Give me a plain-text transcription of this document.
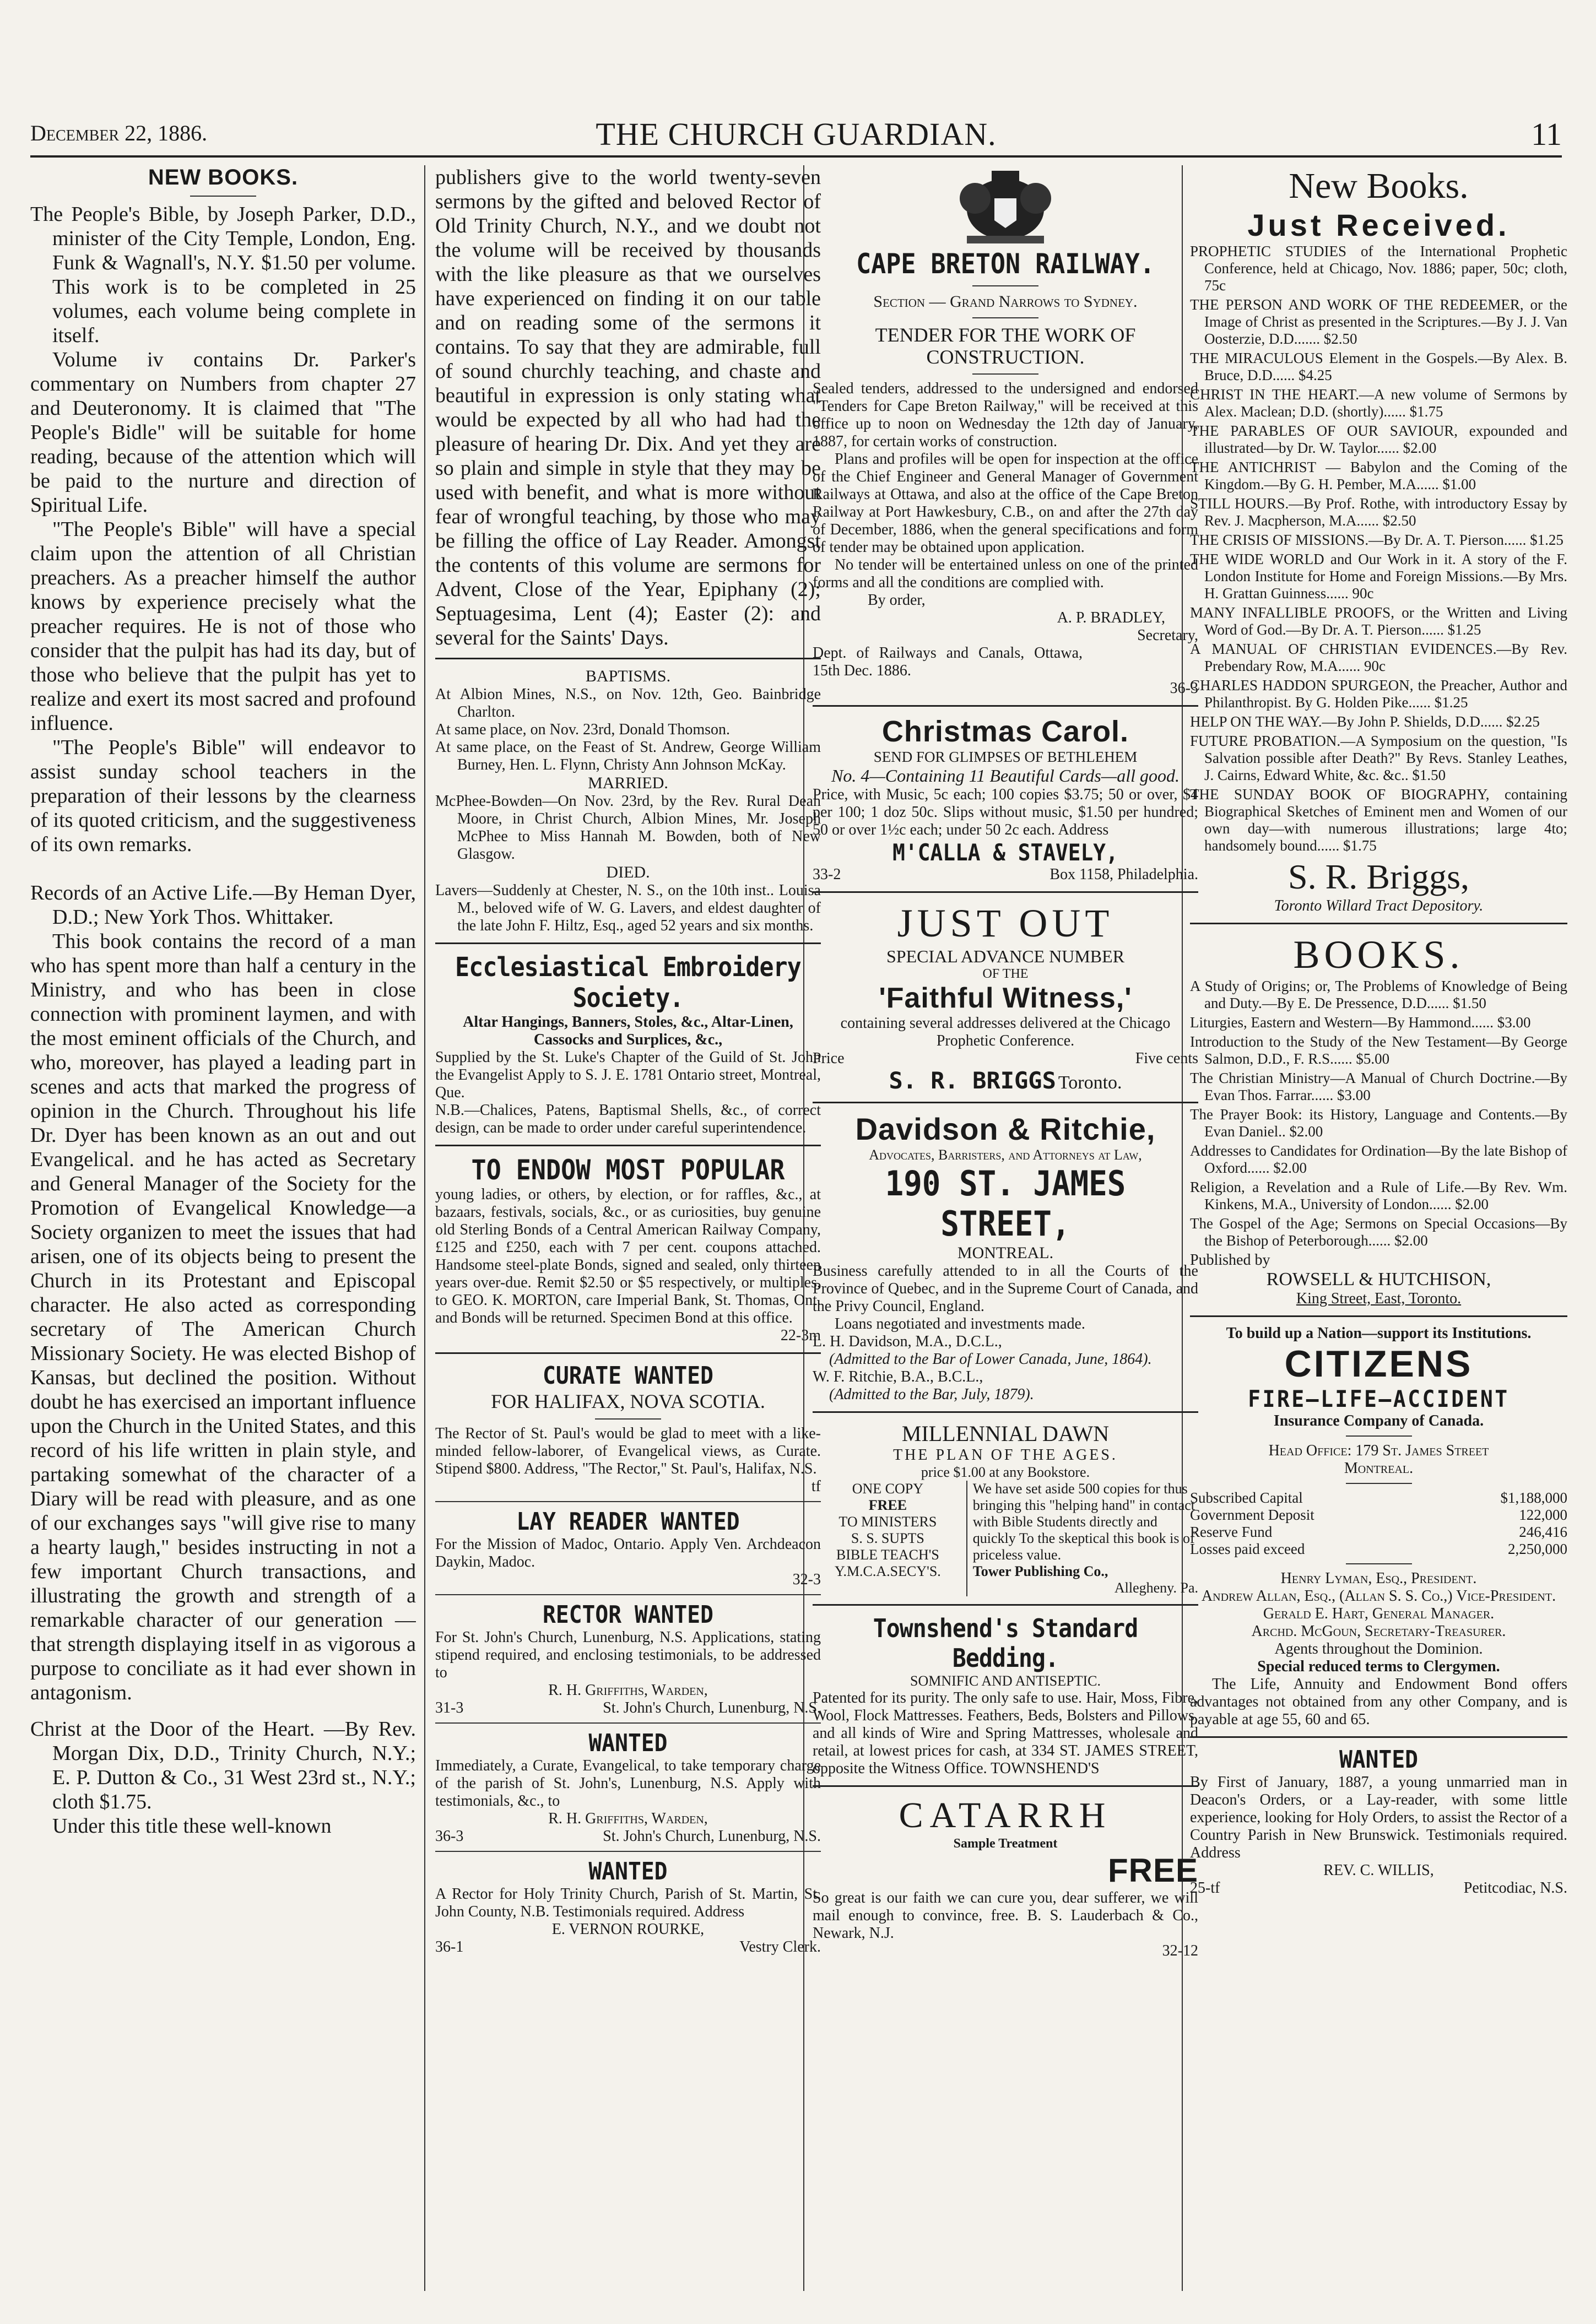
December 22, 1886.	THE CHURCH GUARDIAN.	11
NEW BOOKS.

The People's Bible, by Joseph Parker, D.D., minister of the City Temple, London, Eng. Funk & Wagnall's, N.Y. $1.50 per volume. This work is to be completed in 25 volumes, each volume being complete in itself.

Volume iv contains Dr. Parker's commentary on Numbers from chapter 27 and Deuteronomy. It is claimed that "The People's Bidle" will be suitable for home reading, because of the attention which will be paid to the nurture and direction of Spiritual Life.

"The People's Bible" will have a special claim upon the attention of all Christian preachers. As a preacher himself the author knows by experience precisely what the preacher requires. He is not of those who consider that the pulpit has had its day, but of those who believe that the pulpit has yet to realize and exert its most sacred and profound influence.

"The People's Bible" will endeavor to assist sunday school teachers in the preparation of their lessons by the clearness of its quoted criticism, and the suggestiveness of its own remarks.

Records of an Active Life.—By Heman Dyer, D.D.; New York Thos. Whittaker.

This book contains the record of a man who has spent more than half a century in the Ministry, and who has been in close connection with prominent laymen, and with the most eminent officials of the Church, and who, moreover, has played a leading part in scenes and acts that marked the progress of opinion in the Church. Throughout his life Dr. Dyer has been known as an out and out Evangelical. and he has acted as Secretary and General Manager of the Society for the Promotion of Evangelical Knowledge—a Society organizen to meet the issues that had arisen, one of its objects being to present the Church in its Protestant and Episcopal character. He also acted as corresponding secretary of The American Church Missionary Society. He was elected Bishop of Kansas, but declined the position. Without doubt he has exercised an important influence upon the Church in the United States, and this record of his life written in plain style, and partaking somewhat of the character of a Diary will be read with pleasure, and as one of our exchanges says "will give rise to many a hearty laugh," besides instructing in not a few important Church transactions, and illustrating the growth and strength of a remarkable character of our generation — that strength displaying itself in as vigorous a purpose to conciliate as it had ever shown in antagonism.

Christ at the Door of the Heart. —By Rev. Morgan Dix, D.D., Trinity Church, N.Y.; E. P. Dutton & Co., 31 West 23rd st., N.Y.; cloth $1.75.

Under this title these well-known

publishers give to the world twenty-seven sermons by the gifted and beloved Rector of Old Trinity Church, N.Y., and we doubt not the volume will be received by thousands with the like pleasure as that we ourselves have experienced on finding it on our table and on reading some of the sermons it contains. To say that they are admirable, full of sound churchly teaching, and chaste and beautiful in expression is only stating what would be expected by all who had had the pleasure of hearing Dr. Dix. And yet they are so plain and simple in style that they may be used with benefit, and what is more without fear of wrongful teaching, by those who may be filling the office of Lay Reader. Amongst the contents of this volume are sermons for Advent, Close of the Year, Epiphany (2); Septuagesima, Lent (4); Easter (2): and several for the Saints' Days.

BAPTISMS.

At Albion Mines, N.S., on Nov. 12th, Geo. Bainbridge Charlton.

At same place, on Nov. 23rd, Donald Thomson.

At same place, on the Feast of St. Andrew, George William Burney, Hen. L. Flynn, Christy Ann Johnson McKay.

MARRIED.

McPhee-Bowden—On Nov. 23rd, by the Rev. Rural Dean Moore, in Christ Church, Albion Mines, Mr. Joseph McPhee to Miss Hannah M. Bowden, both of New Glasgow.

DIED.

Lavers—Suddenly at Chester, N. S., on the 10th inst.. Louisa M., beloved wife of W. G. Lavers, and eldest daughter of the late John F. Hiltz, Esq., aged 52 years and six months.

Ecclesiastical Embroidery Society.

Altar Hangings, Banners, Stoles, &c., Altar-Linen, Cassocks and Surplices, &c.,

Supplied by the St. Luke's Chapter of the Guild of St. John the Evangelist Apply to S. J. E. 1781 Ontario street, Montreal, Que.

N.B.—Chalices, Patens, Baptismal Shells, &c., of correct design, can be made to order under careful superintendence.

TO ENDOW MOST POPULAR

young ladies, or others, by election, or for raffles, &c., at bazaars, festivals, socials, &c., or as curiosities, buy genuine old Sterling Bonds of a Central American Railway Company, £125 and £250, each with 7 per cent. coupons attached. Handsome steel-plate Bonds, signed and sealed, only thirteen years over-due. Remit $2.50 or $5 respectively, or multiples, to GEO. K. MORTON, care Imperial Bank, St. Thomas, Ont. and Bonds will be returned. Specimen Bond at this office.

22-3m

CURATE WANTED
FOR HALIFAX, NOVA SCOTIA.

The Rector of St. Paul's would be glad to meet with a like-minded fellow-laborer, of Evangelical views, as Curate. Stipend $800. Address, "The Rector," St. Paul's, Halifax, N.S.

tf

LAY READER WANTED

For the Mission of Madoc, Ontario. Apply Ven. Archdeacon Daykin, Madoc.

32-3

RECTOR WANTED

For St. John's Church, Lunenburg, N.S. Applications, stating stipend required, and enclosing testimonials, to be addressed to

R. H. Griffiths, Warden,

31-3	St. John's Church, Lunenburg, N.S.
WANTED

Immediately, a Curate, Evangelical, to take temporary charge of the parish of St. John's, Lunenburg, N.S. Apply with testimonials, &c., to

R. H. Griffiths, Warden,

36-3	St. John's Church, Lunenburg, N.S.
WANTED

A Rector for Holy Trinity Church, Parish of St. Martin, St. John County, N.B. Testimonials required. Address

E. VERNON ROURKE,

36-1	Vestry Clerk.
CAPE BRETON RAILWAY.

Section — Grand Narrows to Sydney.

TENDER FOR THE WORK OF CONSTRUCTION.

Sealed tenders, addressed to the undersigned and endorsed "Tenders for Cape Breton Railway," will be received at this office up to noon on Wednesday the 12th day of January, 1887, for certain works of construction.

Plans and profiles will be open for inspection at the office of the Chief Engineer and General Manager of Government Railways at Ottawa, and also at the office of the Cape Breton Railway at Port Hawkesbury, C.B., on and after the 27th day of December, 1886, when the general specifications and form of tender may be obtained upon application.

No tender will be entertained unless on one of the printed forms and all the conditions are complied with.

By order,

A. P. BRADLEY,

Secretary,

Dept. of Railways and Canals, Ottawa, 15th Dec. 1886.

36-3

Christmas Carol.

SEND FOR GLIMPSES OF BETHLEHEM

No. 4—Containing 11 Beautiful Cards—all good.

Price, with Music, 5c each; 100 copies $3.75; 50 or over, $4 per 100; 1 doz 50c. Slips without music, $1.50 per hundred; 50 or over 1½c each; under 50 2c each. Address

M'CALLA & STAVELY,
33-2	Box 1158, Philadelphia.
JUST OUT

SPECIAL ADVANCE NUMBER

OF THE

'Faithful Witness,'

containing several addresses delivered at the Chicago Prophetic Conference.

Price	Five cents
S. R. BRIGGS Toronto.
Davidson & Ritchie,

Advocates, Barristers, and Attorneys at Law,

190 ST. JAMES STREET,

MONTREAL.

Business carefully attended to in all the Courts of the Province of Quebec, and in the Supreme Court of Canada, and the Privy Council, England.

Loans negotiated and investments made.

L. H. Davidson, M.A., D.C.L.,

(Admitted to the Bar of Lower Canada, June, 1864).

W. F. Ritchie, B.A., B.C.L.,

(Admitted to the Bar, July, 1879).

MILLENNIAL DAWN

THE PLAN OF THE AGES.

price $1.00 at any Bookstore.

ONE COPY
FREE
TO MINISTERS
S. S. SUPTS
BIBLE TEACH'S
Y.M.C.A.SECY'S.
We have set aside 500 copies for thus bringing this "helping hand" in contact with Bible Students directly and quickly To the skeptical this book is of priceless value.
Tower Publishing Co.,
Allegheny. Pa.
Townshend's Standard Bedding.

SOMNIFIC AND ANTISEPTIC.

Patented for its purity. The only safe to use. Hair, Moss, Fibre, Wool, Flock Mattresses. Feathers, Beds, Bolsters and Pillows, and all kinds of Wire and Spring Mattresses, wholesale and retail, at lowest prices for cash, at 334 ST. JAMES STREET, opposite the Witness Office. TOWNSHEND'S

CATARRH

Sample Treatment

FREE

So great is our faith we can cure you, dear sufferer, we will mail enough to convince, free. B. S. Lauderbach & Co., Newark, N.J.

32-12

New Books.
Just Received.

PROPHETIC STUDIES of the International Prophetic Conference, held at Chicago, Nov. 1886; paper, 50c; cloth, 75c

THE PERSON AND WORK OF THE REDEEMER, or the Image of Christ as presented in the Scriptures.—By J. J. Van Oosterzie, D.D....... $2.50

THE MIRACULOUS Element in the Gospels.—By Alex. B. Bruce, D.D...... $4.25

CHRIST IN THE HEART.—A new volume of Sermons by Alex. Maclean; D.D. (shortly)...... $1.75

THE PARABLES OF OUR SAVIOUR, expounded and illustrated—by Dr. W. Taylor...... $2.00

THE ANTICHRIST — Babylon and the Coming of the Kingdom.—By G. H. Pember, M.A...... $1.00

STILL HOURS.—By Prof. Rothe, with introductory Essay by Rev. J. Macpherson, M.A...... $2.50

THE CRISIS OF MISSIONS.—By Dr. A. T. Pierson...... $1.25

THE WIDE WORLD and Our Work in it. A story of the F. London Institute for Home and Foreign Missions.—By Mrs. H. Grattan Guinness...... 90c

MANY INFALLIBLE PROOFS, or the Written and Living Word of God.—By Dr. A. T. Pierson...... $1.25

A MANUAL OF CHRISTIAN EVIDENCES.—By Rev. Prebendary Row, M.A...... 90c

CHARLES HADDON SPURGEON, the Preacher, Author and Philanthropist. By G. Holden Pike...... $1.25

HELP ON THE WAY.—By John P. Shields, D.D...... $2.25

FUTURE PROBATION.—A Symposium on the question, "Is Salvation possible after Death?" By Revs. Stanley Leathes, J. Cairns, Edward White, &c. &c.. $1.50

THE SUNDAY BOOK OF BIOGRAPHY, containing Biographical Sketches of Eminent men and Women of our own day—with numerous illustrations; large 4to; handsomely bound...... $1.75

S. R. Briggs,

Toronto Willard Tract Depository.

BOOKS.

A Study of Origins; or, The Problems of Knowledge of Being and Duty.—By E. De Pressence, D.D...... $1.50

Liturgies, Eastern and Western—By Hammond...... $3.00

Introduction to the Study of the New Testament—By George Salmon, D.D., F. R.S...... $5.00

The Christian Ministry—A Manual of Church Doctrine.—By Evan Thos. Farrar...... $3.00

The Prayer Book: its History, Language and Contents.—By Evan Daniel.. $2.00

Addresses to Candidates for Ordination—By the late Bishop of Oxford...... $2.00

Religion, a Revelation and a Rule of Life.—By Rev. Wm. Kinkens, M.A., University of London...... $2.00

The Gospel of the Age; Sermons on Special Occasions—By the Bishop of Peterborough...... $2.00

Published by

ROWSELL & HUTCHISON,

King Street, East, Toronto.

To build up a Nation—support its Institutions.

CITIZENS
FIRE—LIFE—ACCIDENT

Insurance Company of Canada.

Head Office: 179 St. James Street

Montreal.

Subscribed Capital	$1,188,000
Government Deposit	122,000
Reserve Fund	246,416
Losses paid exceed	2,250,000

Henry Lyman, Esq., President.

Andrew Allan, Esq., (Allan S. S. Co.,) Vice-President.

Gerald E. Hart, General Manager.

Archd. McGoun, Secretary-Treasurer.

Agents throughout the Dominion.

Special reduced terms to Clergymen.

The Life, Annuity and Endowment Bond offers advantages not obtained from any other Company, and is payable at age 55, 60 and 65.

WANTED

By First of January, 1887, a young unmarried man in Deacon's Orders, or a Lay-reader, with some little experience, looking for Holy Orders, to assist the Rector of a Country Parish in New Brunswick. Testimonials required. Address

REV. C. WILLIS,

25-tf	Petitcodiac, N.S.
